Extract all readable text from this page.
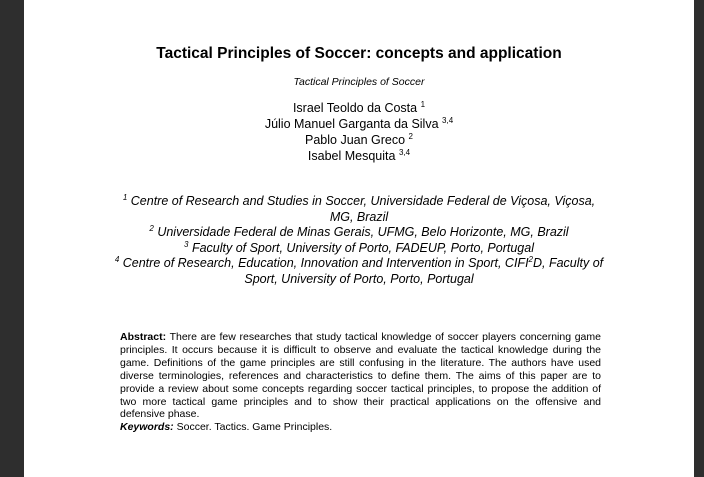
Tactical Principles of Soccer: concepts and application
Tactical Principles of Soccer
Israel Teoldo da Costa $^1$
Júlio Manuel Garganta da Silva $^{3,4}$
Pablo Juan Greco $^2$
Isabel Mesquita $^{3,4}$
$^1$ Centre of Research and Studies in Soccer, Universidade Federal de Viçosa, Viçosa, MG, Brazil
$^2$ Universidade Federal de Minas Gerais, UFMG, Belo Horizonte, MG, Brazil
$^3$ Faculty of Sport, University of Porto, FADEUP, Porto, Portugal
$^4$ Centre of Research, Education, Innovation and Intervention in Sport, CIFI$^2$D, Faculty of Sport, University of Porto, Porto, Portugal
Abstract: There are few researches that study tactical knowledge of soccer players concerning game principles. It occurs because it is difficult to observe and evaluate the tactical knowledge during the game. Definitions of the game principles are still confusing in the literature. The authors have used diverse terminologies, references and characteristics to define them. The aims of this paper are to provide a review about some concepts regarding soccer tactical principles, to propose the addition of two more tactical game principles and to show their practical applications on the offensive and defensive phase.
Keywords: Soccer. Tactics. Game Principles.
